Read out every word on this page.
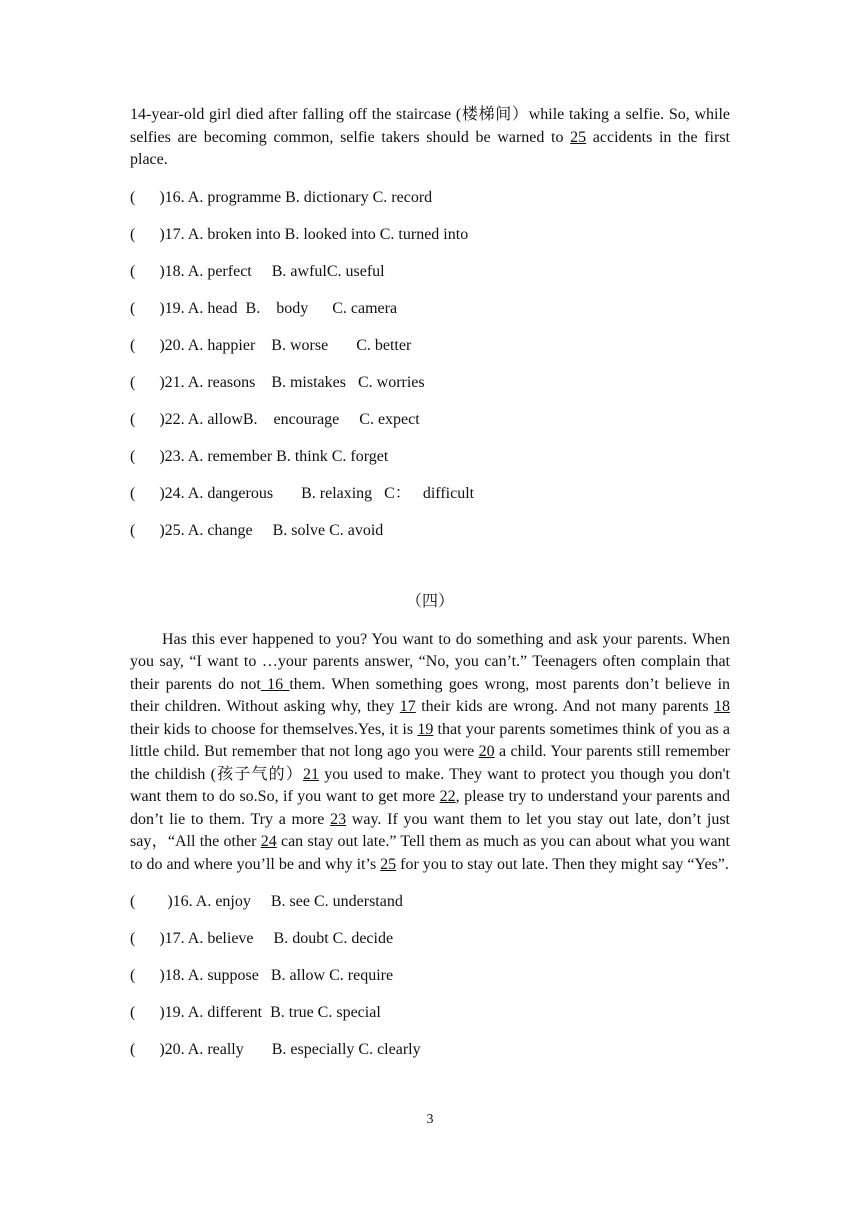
14-year-old girl died after falling off the staircase (楼梯间）while taking a selfie. So, while selfies are becoming common, selfie takers should be warned to 25 accidents in the first place.

(      )16. A. programme B. dictionary C. record

(      )17. A. broken into B. looked into C. turned into

(      )18. A. perfect     B. awfulC. useful

(      )19. A. head  B.    body      C. camera

(      )20. A. happier    B. worse       C. better

(      )21. A. reasons    B. mistakes   C. worries

(      )22. A. allowB.    encourage     C. expect

(      )23. A. remember B. think C. forget

(      )24. A. dangerous       B. relaxing   C：   difficult

(      )25. A. change     B. solve C. avoid

（四）

Has this ever happened to you? You want to do something and ask your parents. When you say, “I want to …your parents answer, “No, you can’t.” Teenagers often complain that their parents do not 16 them. When something goes wrong, most parents don’t believe in their children. Without asking why, they 17 their kids are wrong. And not many parents 18 their kids to choose for themselves.Yes, it is 19 that your parents sometimes think of you as a little child. But remember that not long ago you were 20 a child. Your parents still remember the childish (孩子气的）21 you used to make. They want to protect you though you don't want them to do so.So, if you want to get more 22, please try to understand your parents and don’t lie to them. Try a more 23 way. If you want them to let you stay out late, don’t just say，“All the other 24 can stay out late.” Tell them as much as you can about what you want to do and where you’ll be and why it’s 25 for you to stay out late. Then they might say “Yes”.

(        )16. A. enjoy     B. see C. understand

(      )17. A. believe     B. doubt C. decide

(      )18. A. suppose   B. allow C. require

(      )19. A. different  B. true C. special

(      )20. A. really       B. especially C. clearly

3
